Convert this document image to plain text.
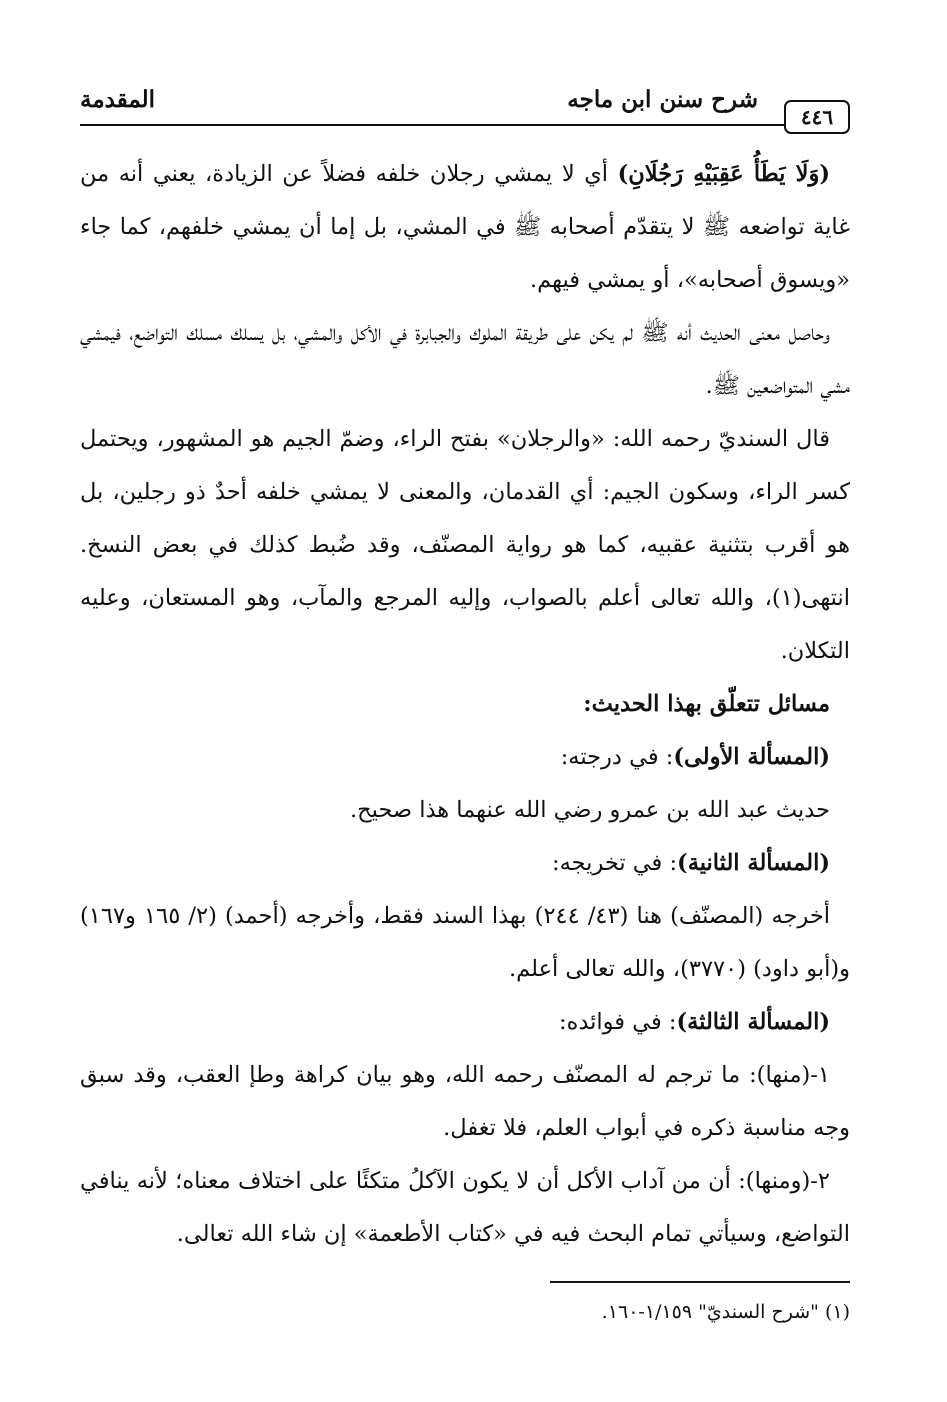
٤٤٦
شرح سنن ابن ماجه
المقدمة

(وَلَا يَطَأُ عَقِبَيْهِ رَجُلَانِ) أي لا يمشي رجلان خلفه فضلاً عن الزيادة، يعني أنه من غاية تواضعه ﷺ لا يتقدّم أصحابه ﷺ في المشي، بل إما أن يمشي خلفهم، كما جاء «ويسوق أصحابه»، أو يمشي فيهم.

وحاصل معنى الحديث أنه ﷺ لم يكن على طريقة الملوك والجبابرة في الأكل والمشي، بل يسلك مسلك التواضع، فيمشي مشي المتواضعين ﷺ.

قال السنديّ رحمه الله: «والرجلان» بفتح الراء، وضمّ الجيم هو المشهور، ويحتمل كسر الراء، وسكون الجيم: أي القدمان، والمعنى لا يمشي خلفه أحدٌ ذو رجلين، بل هو أقرب بتثنية عقبيه، كما هو رواية المصنّف، وقد ضُبط كذلك في بعض النسخ. انتهى(١)، والله تعالى أعلم بالصواب، وإليه المرجع والمآب، وهو المستعان، وعليه التكلان.

مسائل تتعلّق بهذا الحديث:

(المسألة الأولى): في درجته:

حديث عبد الله بن عمرو رضي الله عنهما هذا صحيح.

(المسألة الثانية): في تخريجه:

أخرجه (المصنّف) هنا (٤٣/ ٢٤٤) بهذا السند فقط، وأخرجه (أحمد) (٢/ ١٦٥ و١٦٧) و(أبو داود) (٣٧٧٠)، والله تعالى أعلم.

(المسألة الثالثة): في فوائده:

١-(منها): ما ترجم له المصنّف رحمه الله، وهو بيان كراهة وطإ العقب، وقد سبق وجه مناسبة ذكره في أبواب العلم، فلا تغفل.

٢-(ومنها): أن من آداب الأكل أن لا يكون الآكلُ متكئًا على اختلاف معناه؛ لأنه ينافي التواضع، وسيأتي تمام البحث فيه في «كتاب الأطعمة» إن شاء الله تعالى.

(١) "شرح السنديّ" ١/١٥٩-١٦٠.
